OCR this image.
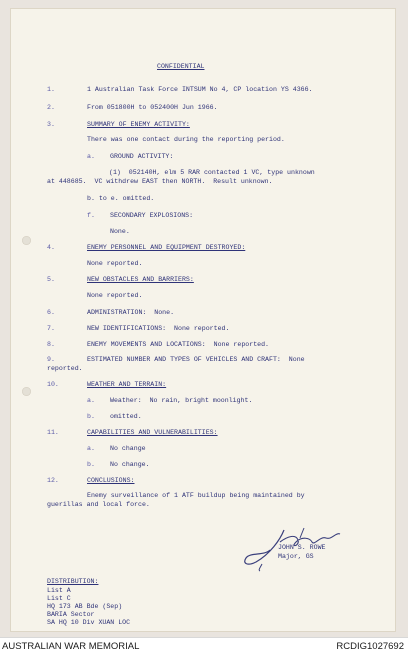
CONFIDENTIAL

1.	1 Australian Task Force INTSUM No 4, CP location YS 4366.

2.	From 051800H to 052400H Jun 1966.

3.	SUMMARY OF ENEMY ACTIVITY:

There was one contact during the reporting period.

a. GROUND ACTIVITY:

(1)  052140H, elm 5 RAR contacted 1 VC, type unknown

at 448685.  VC withdrew EAST then NORTH.  Result unknown.

b. to e. omitted.

f. SECONDARY EXPLOSIONS:

None.

4.	ENEMY PERSONNEL AND EQUIPMENT DESTROYED:

None reported.

5.	NEW OBSTACLES AND BARRIERS:

None reported.

6.	ADMINISTRATION:  None.

7.	NEW IDENTIFICATIONS:  None reported.

8.	ENEMY MOVEMENTS AND LOCATIONS:  None reported.

9.	ESTIMATED NUMBER AND TYPES OF VEHICLES AND CRAFT:  None

reported.

10.	WEATHER AND TERRAIN:

a. Weather:  No rain, bright moonlight.

b. omitted.

11.	CAPABILITIES AND VULNERABILITIES:

a. No change

b. No change.

12.	CONCLUSIONS:

Enemy surveillance of 1 ATF buildup being maintained by

guerillas and local force.

JOHN S. ROWE

Major, GS

DISTRIBUTION:

List A

List C

HQ 173 AB Bde (Sep)

BARIA Sector

SA HQ 10 Div XUAN LOC

AUSTRALIAN WAR MEMORIAL	RCDIG1027692
